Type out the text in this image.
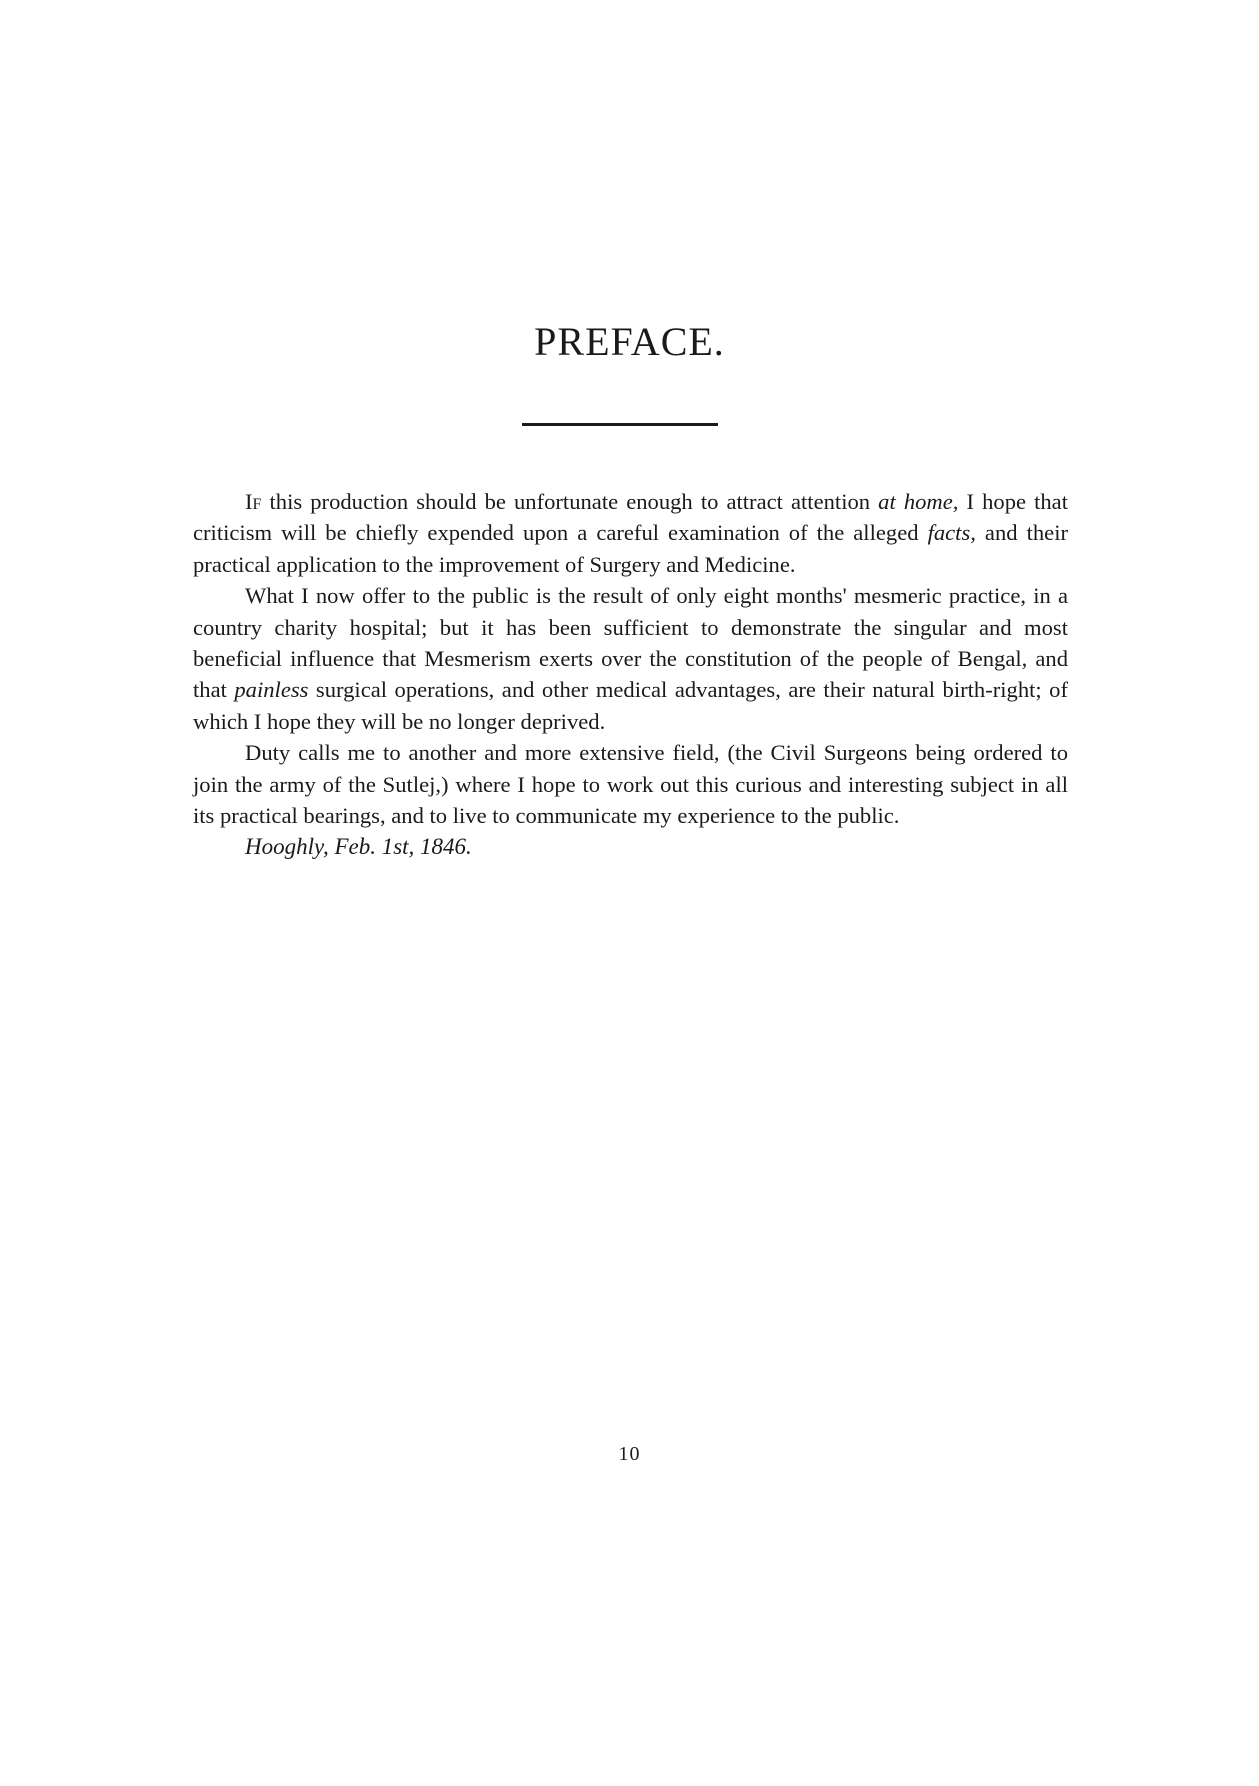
PREFACE.

If this production should be unfortunate enough to attract attention at home, I hope that criticism will be chiefly expended upon a careful examination of the alleged facts, and their practical application to the improvement of Surgery and Medicine.

What I now offer to the public is the result of only eight months' mesmeric practice, in a country charity hospital; but it has been sufficient to demonstrate the singular and most beneficial influence that Mesmerism exerts over the constitution of the people of Bengal, and that painless surgical operations, and other medical advantages, are their natural birth-right; of which I hope they will be no longer deprived.

Duty calls me to another and more extensive field, (the Civil Surgeons being ordered to join the army of the Sutlej,) where I hope to work out this curious and interesting subject in all its practical bearings, and to live to communicate my experience to the public.

Hooghly, Feb. 1st, 1846.

10
